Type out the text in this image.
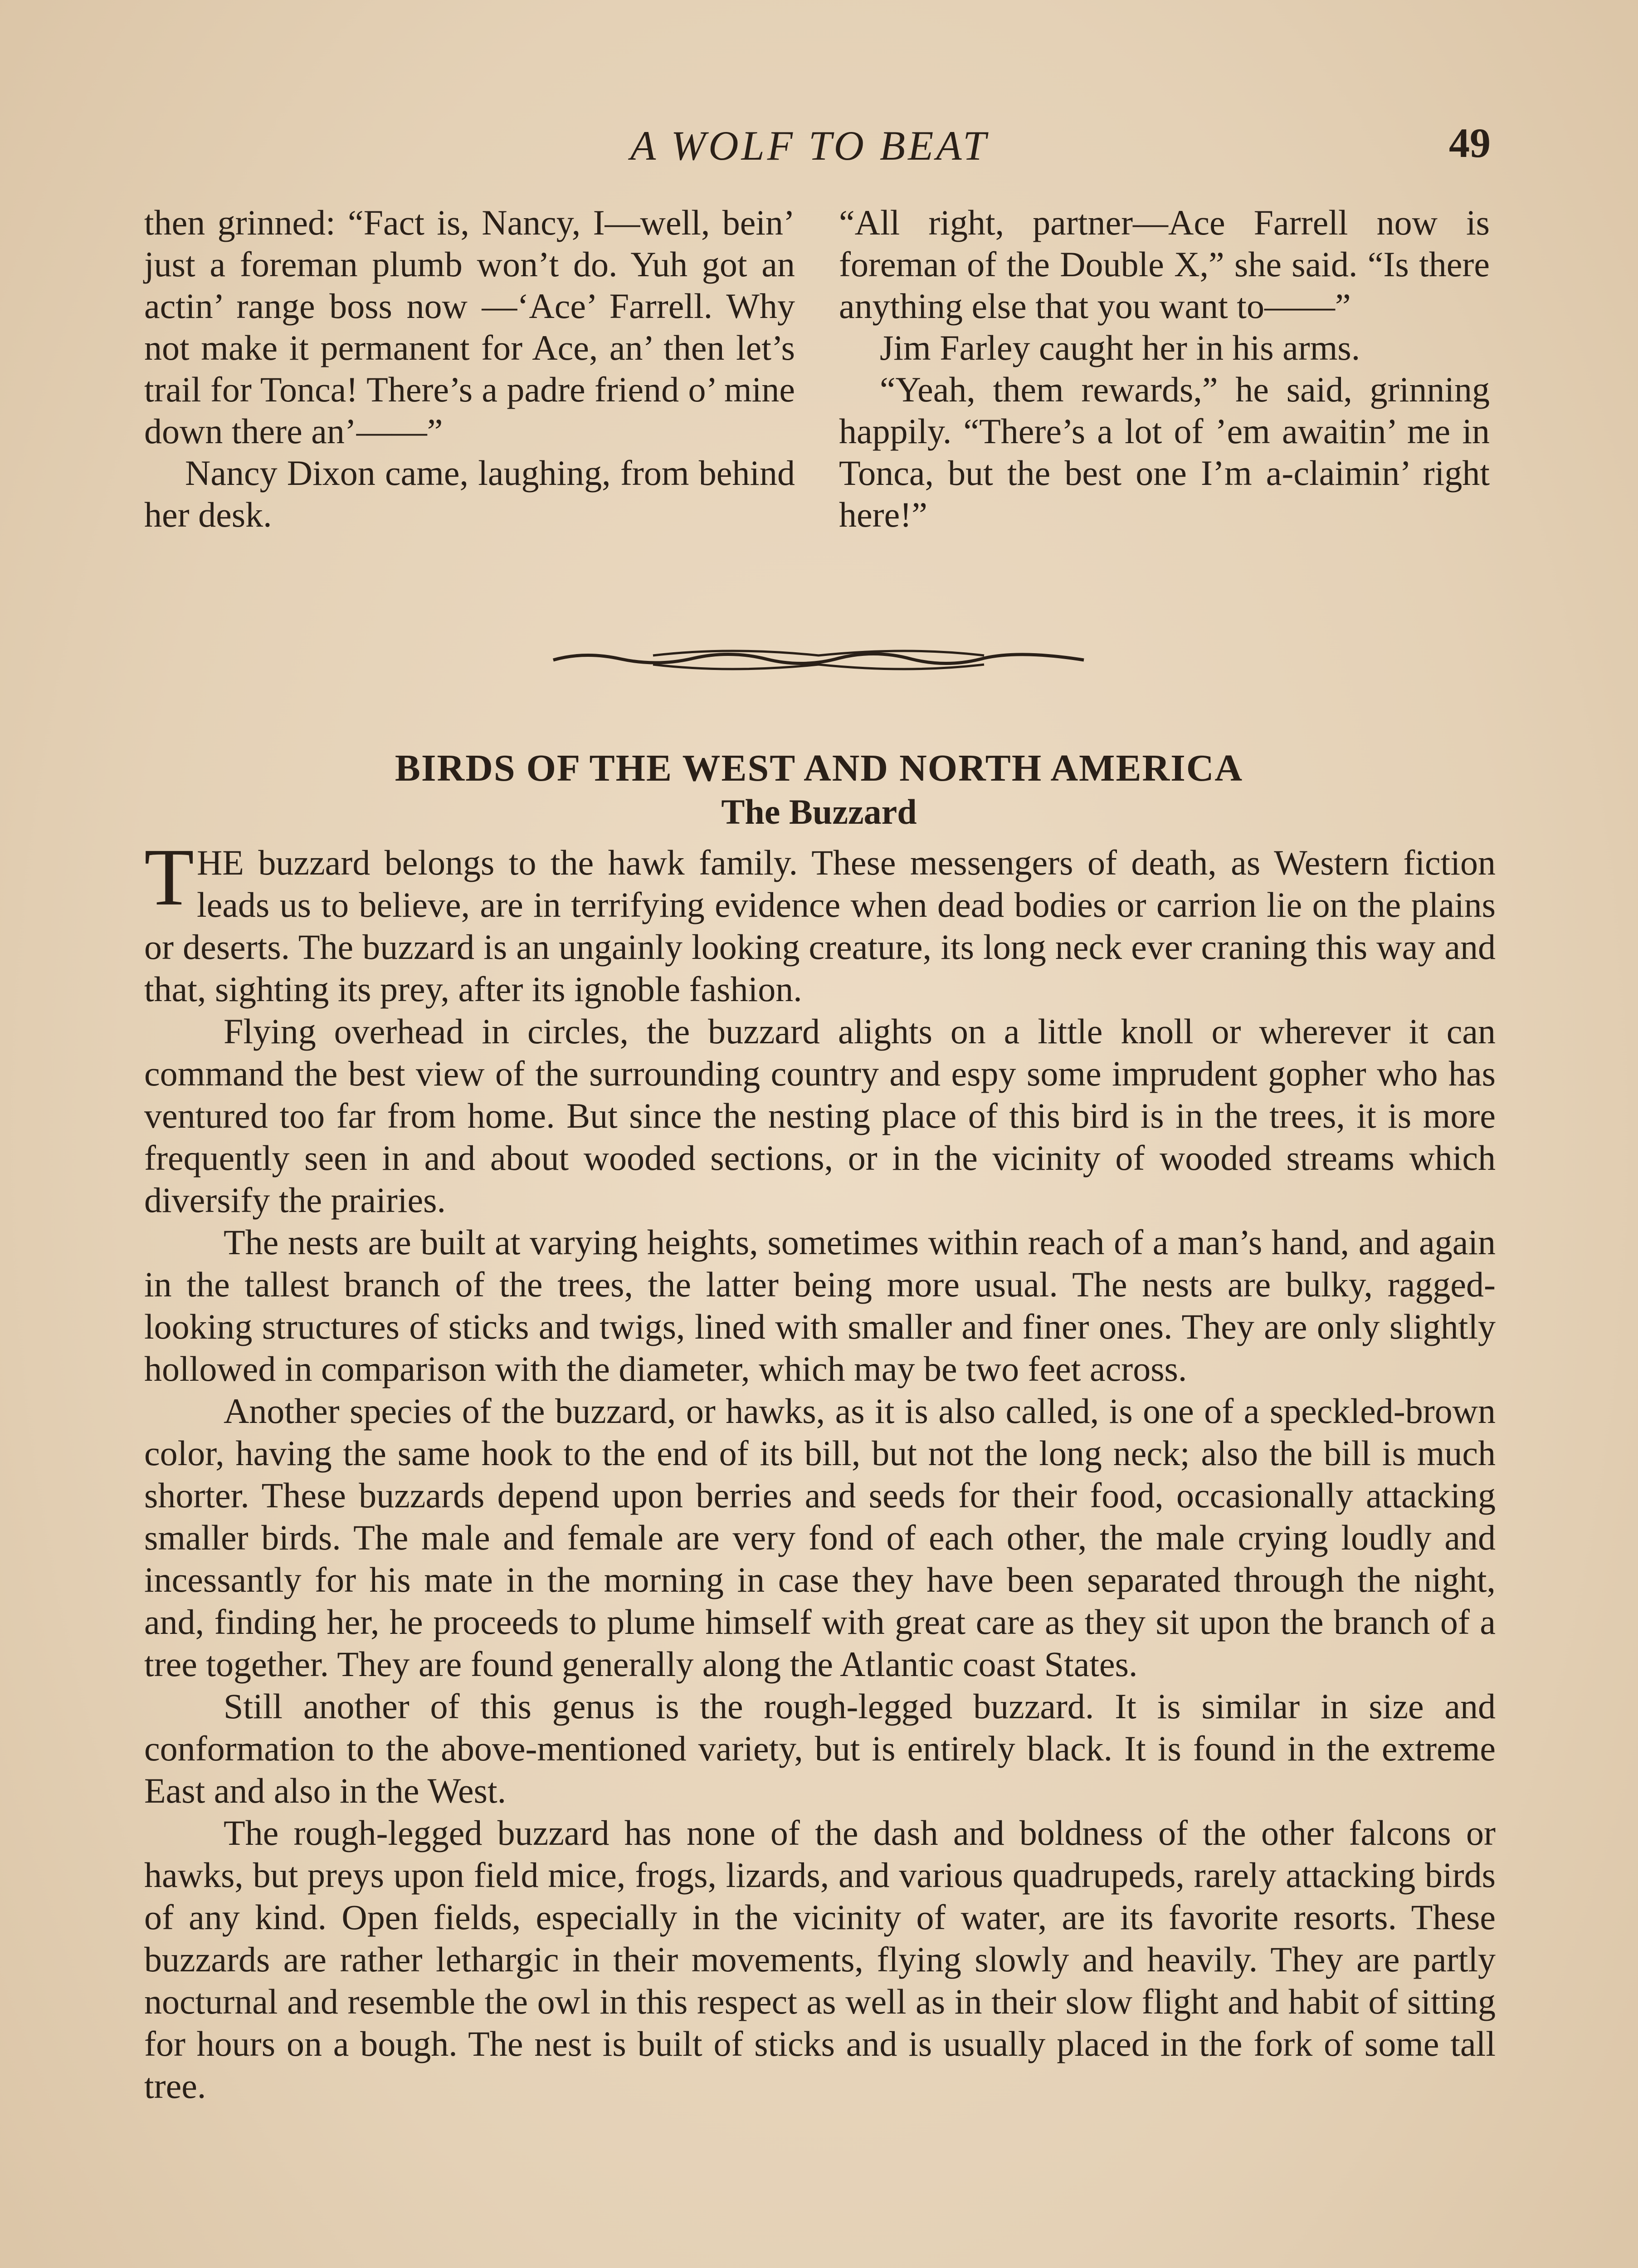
A WOLF TO BEAT	49

then grinned: “Fact is, Nancy, I—well, bein’ just a foreman plumb won’t do. Yuh got an actin’ range boss now —‘Ace’ Farrell. Why not make it permanent for Ace, an’ then let’s trail for Tonca! There’s a padre friend o’ mine down there an’——”

Nancy Dixon came, laughing, from behind her desk.

“All right, partner—Ace Farrell now is foreman of the Double X,” she said. “Is there anything else that you want to——”

Jim Farley caught her in his arms.

“Yeah, them rewards,” he said, grinning happily. “There’s a lot of ’em awaitin’ me in Tonca, but the best one I’m a-claimin’ right here!”

BIRDS OF THE WEST AND NORTH AMERICA
The Buzzard

THE buzzard belongs to the hawk family. These messengers of death, as Western fiction leads us to believe, are in terrifying evidence when dead bodies or carrion lie on the plains or deserts. The buzzard is an ungainly looking creature, its long neck ever craning this way and that, sighting its prey, after its ignoble fashion.

Flying overhead in circles, the buzzard alights on a little knoll or wherever it can command the best view of the surrounding country and espy some imprudent gopher who has ventured too far from home. But since the nesting place of this bird is in the trees, it is more frequently seen in and about wooded sections, or in the vicinity of wooded streams which diversify the prairies.

The nests are built at varying heights, sometimes within reach of a man’s hand, and again in the tallest branch of the trees, the latter being more usual. The nests are bulky, ragged-looking structures of sticks and twigs, lined with smaller and finer ones. They are only slightly hollowed in comparison with the diameter, which may be two feet across.

Another species of the buzzard, or hawks, as it is also called, is one of a speckled-brown color, having the same hook to the end of its bill, but not the long neck; also the bill is much shorter. These buzzards depend upon berries and seeds for their food, occasionally attacking smaller birds. The male and female are very fond of each other, the male crying loudly and incessantly for his mate in the morning in case they have been separated through the night, and, finding her, he proceeds to plume himself with great care as they sit upon the branch of a tree together. They are found generally along the Atlantic coast States.

Still another of this genus is the rough-legged buzzard. It is similar in size and conformation to the above-mentioned variety, but is entirely black. It is found in the extreme East and also in the West.

The rough-legged buzzard has none of the dash and boldness of the other falcons or hawks, but preys upon field mice, frogs, lizards, and various quadrupeds, rarely attacking birds of any kind. Open fields, especially in the vicinity of water, are its favorite resorts. These buzzards are rather lethargic in their movements, flying slowly and heavily. They are partly nocturnal and resemble the owl in this respect as well as in their slow flight and habit of sitting for hours on a bough. The nest is built of sticks and is usually placed in the fork of some tall tree.
